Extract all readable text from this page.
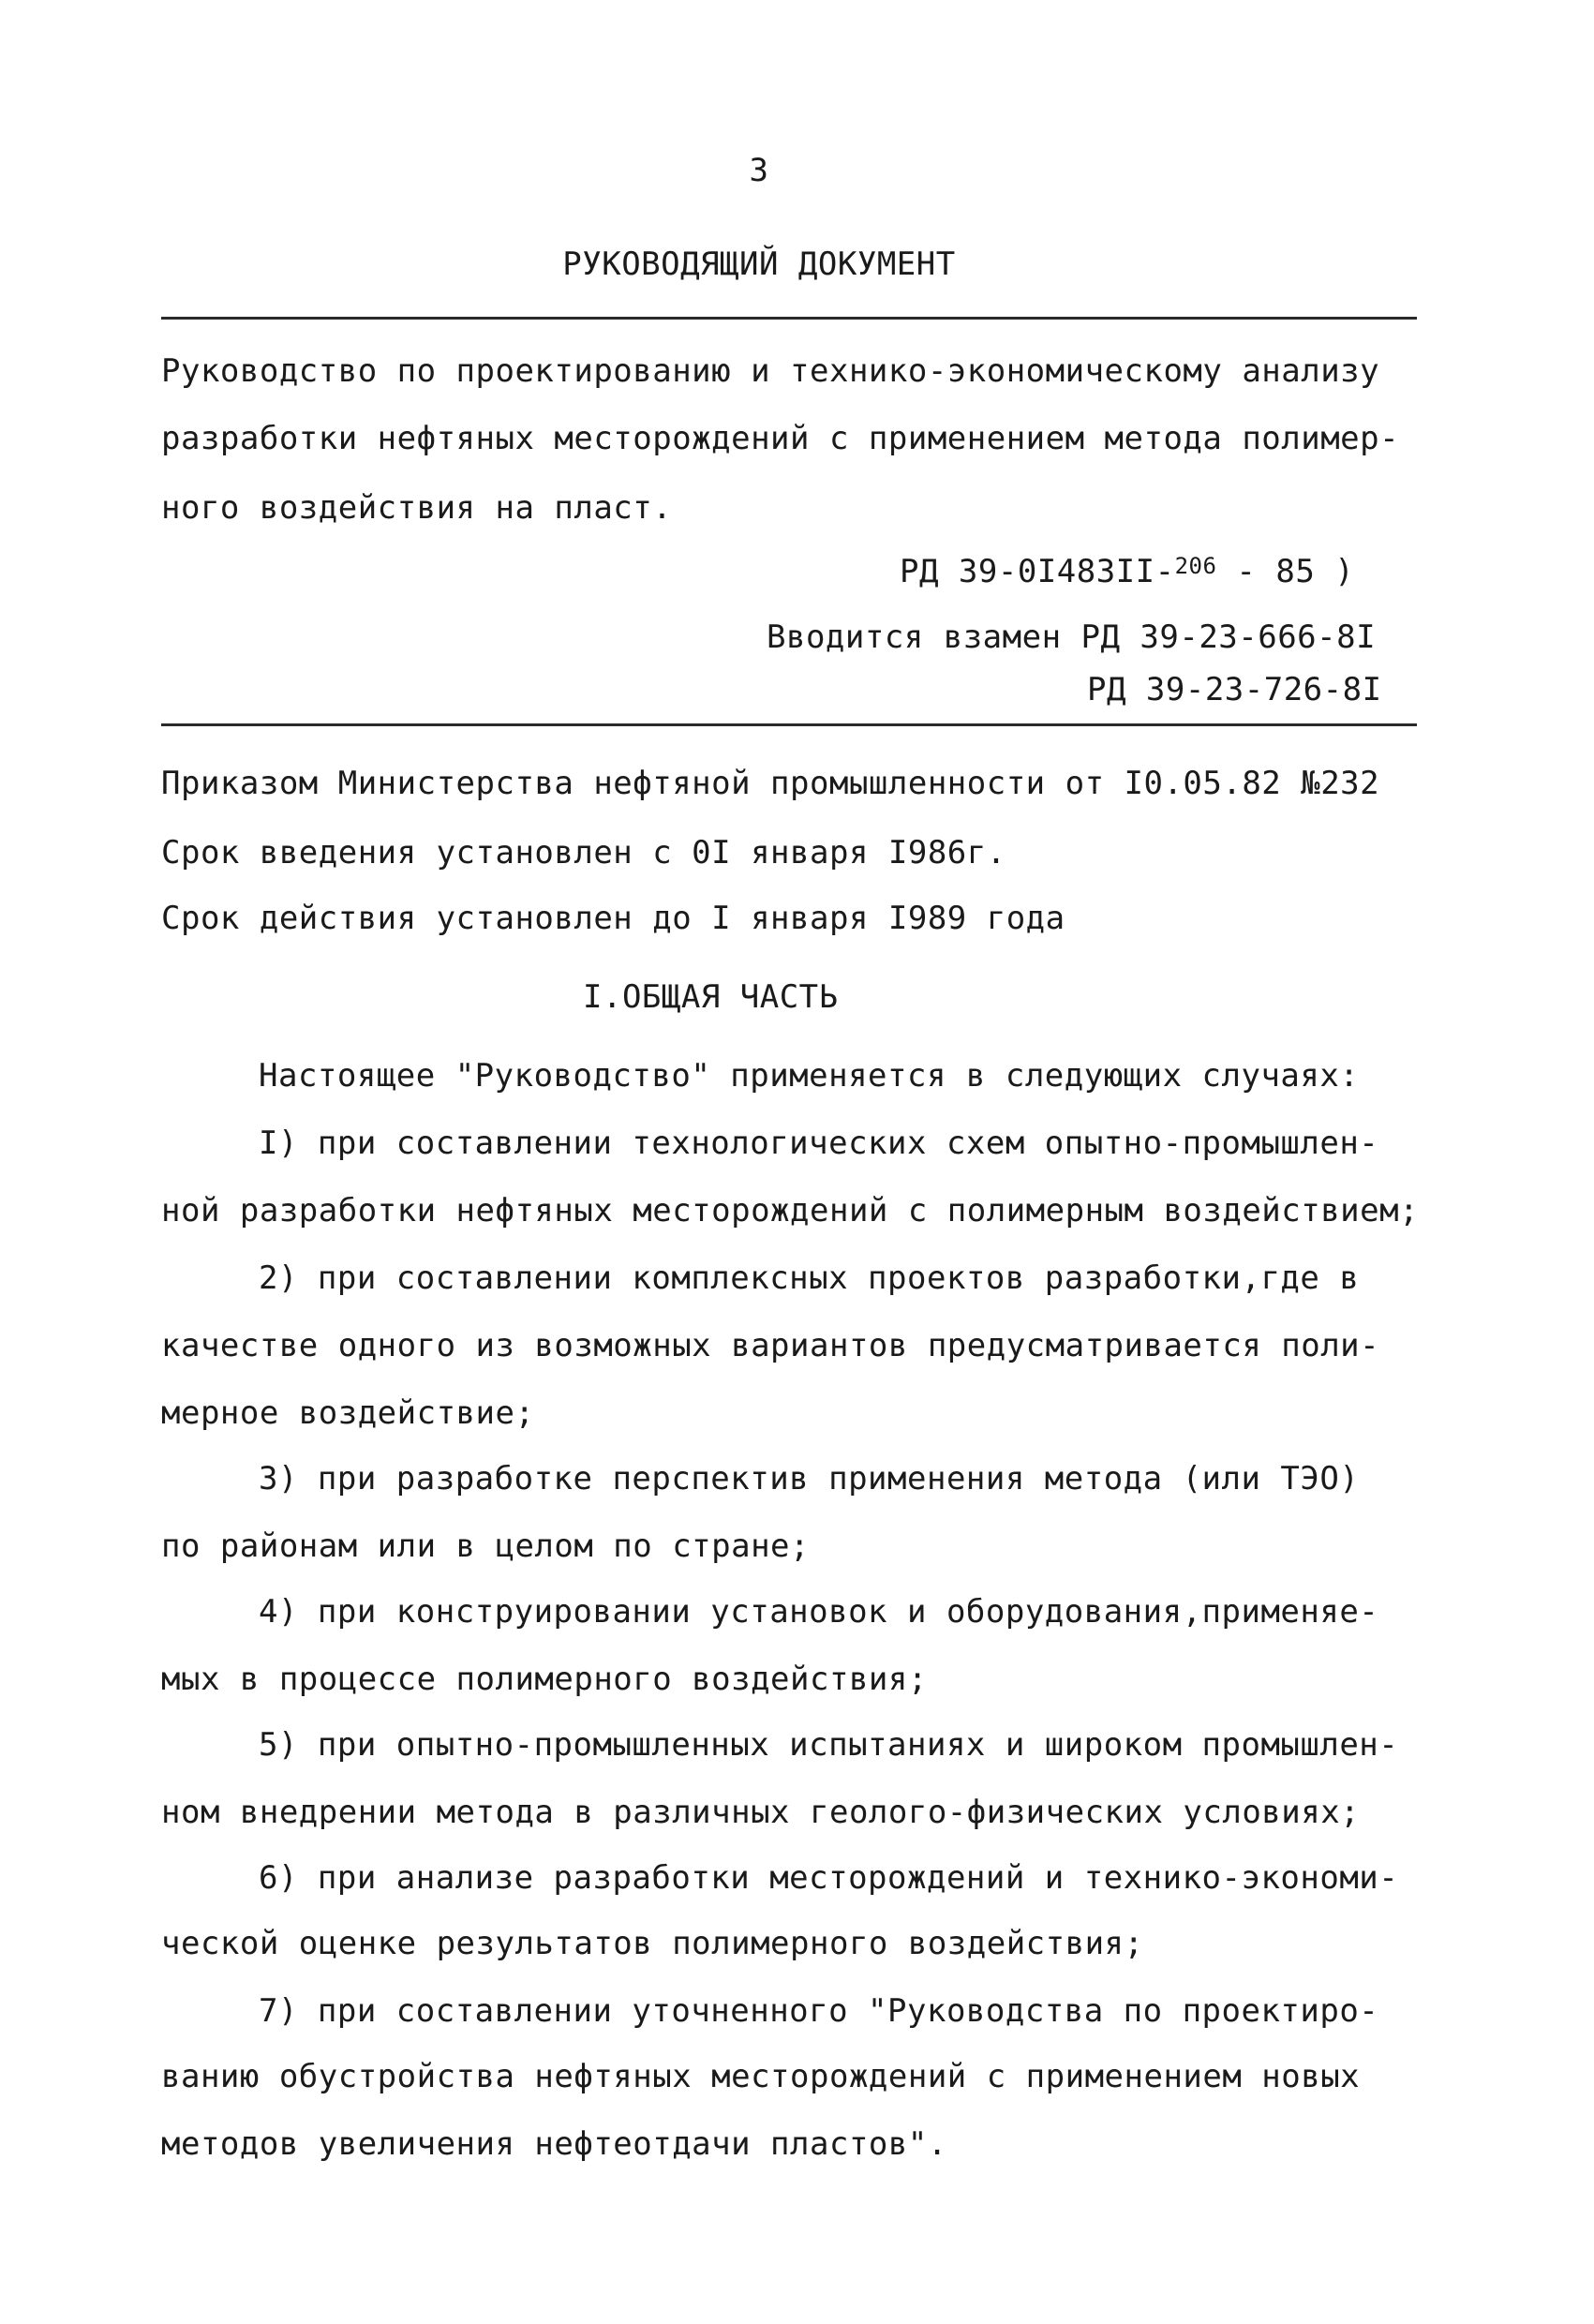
3
РУКОВОДЯЩИЙ ДОКУМЕНТ
Руководство по проектированию и технико-экономическому анализу
разработки нефтяных месторождений с применением метода полимер-
ного воздействия на пласт.
РД 39-0I483II-$^{206}$ - 85 )
Вводится взамен РД 39-23-666-8I
РД 39-23-726-8I
Приказом Министерства нефтяной промышленности от I0.05.82 №232
Срок введения установлен с 0I января I986г.
Срок действия установлен до I января I989 года
I.ОБЩАЯ ЧАСТЬ
Настоящее "Руководство" применяется в следующих случаях:
I) при составлении технологических схем опытно-промышлен-
ной разработки нефтяных месторождений с полимерным воздействием;
2) при составлении комплексных проектов разработки,где в
качестве одного из возможных вариантов предусматривается поли-
мерное воздействие;
3) при разработке перспектив применения метода (или ТЭО)
по районам или в целом по стране;
4) при конструировании установок и оборудования,применяе-
мых в процессе полимерного воздействия;
5) при опытно-промышленных испытаниях и широком промышлен-
ном внедрении метода в различных геолого-физических условиях;
6) при анализе разработки месторождений и технико-экономи-
ческой оценке результатов полимерного воздействия;
7) при составлении уточненного "Руководства по проектиро-
ванию обустройства нефтяных месторождений с применением новых
методов увеличения нефтеотдачи пластов".
